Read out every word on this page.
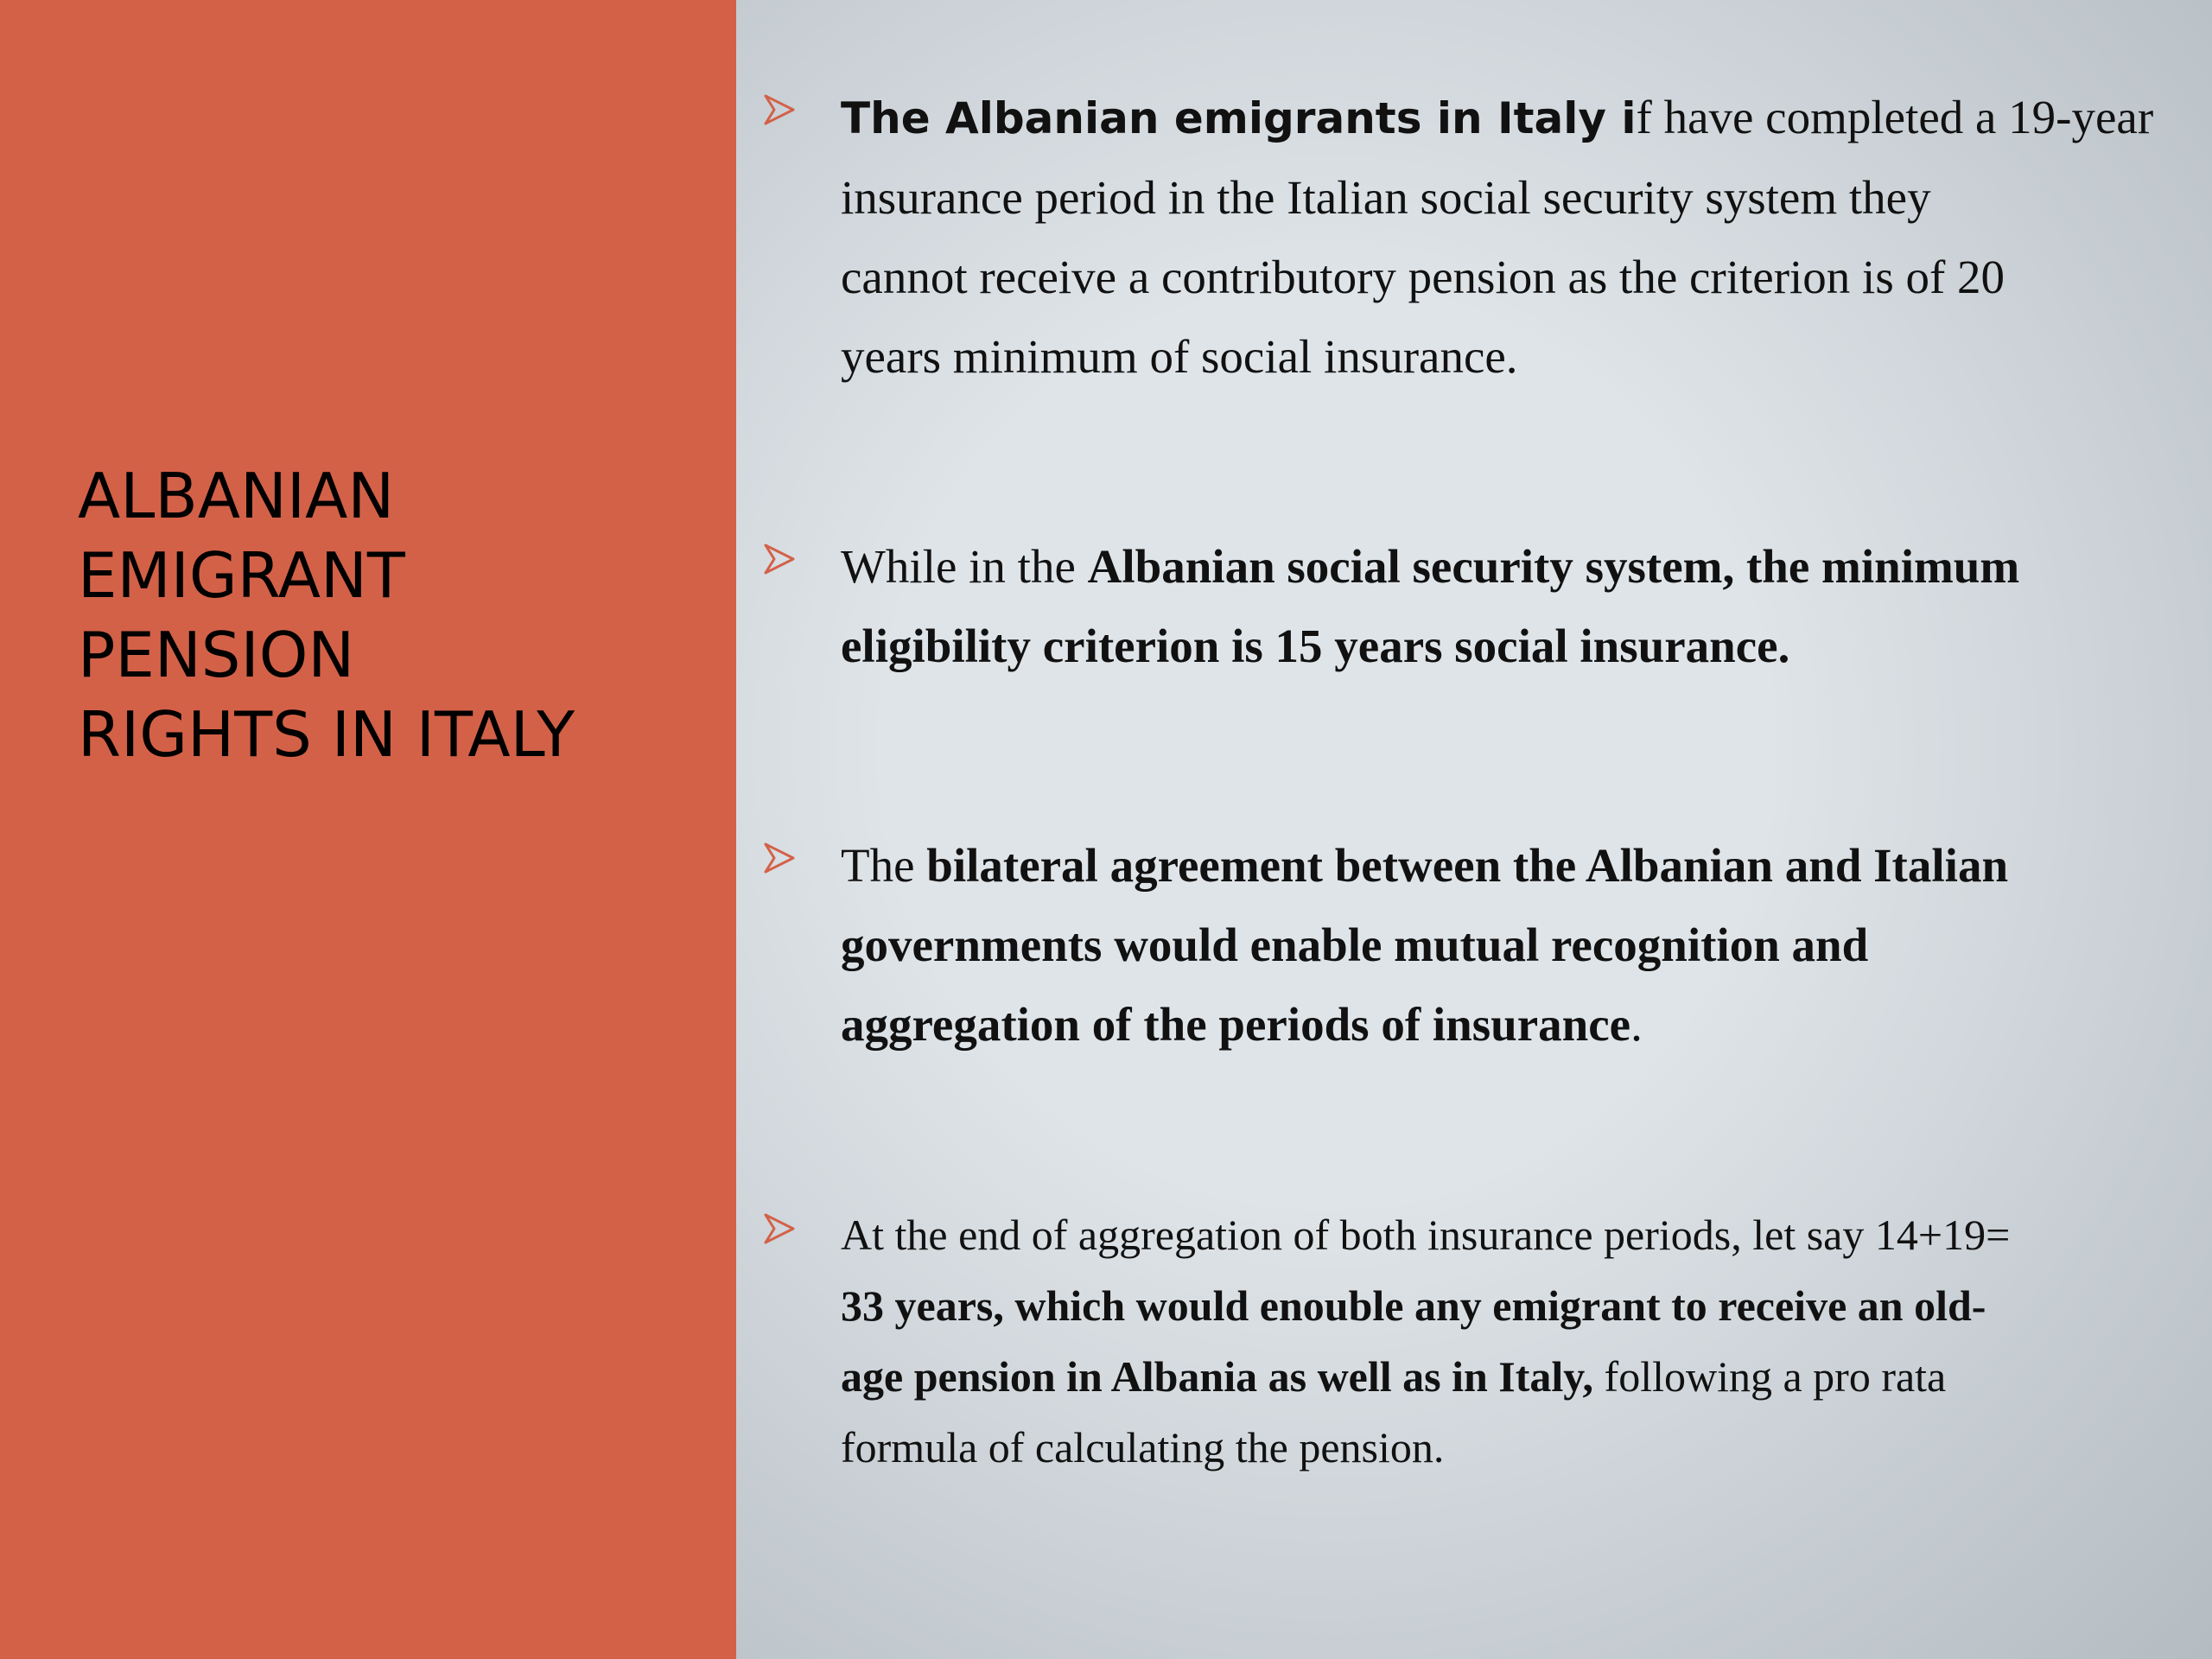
ALBANIAN
EMIGRANT
PENSION
RIGHTS IN ITALY

The Albanian emigrants in Italy if have completed a 19-year
insurance period in the Italian social security system they
cannot receive a contributory pension as the criterion is of 20
years minimum of social insurance.

While in the Albanian social security system, the minimum
eligibility criterion is 15 years social insurance.

The bilateral agreement between the Albanian and Italian
governments would enable mutual recognition and
aggregation of the periods of insurance.

At the end of aggregation of both insurance periods, let say 14+19=
33 years, which would enouble any emigrant to receive an old-
age pension in Albania as well as in Italy, following a pro rata
formula of calculating the pension.
